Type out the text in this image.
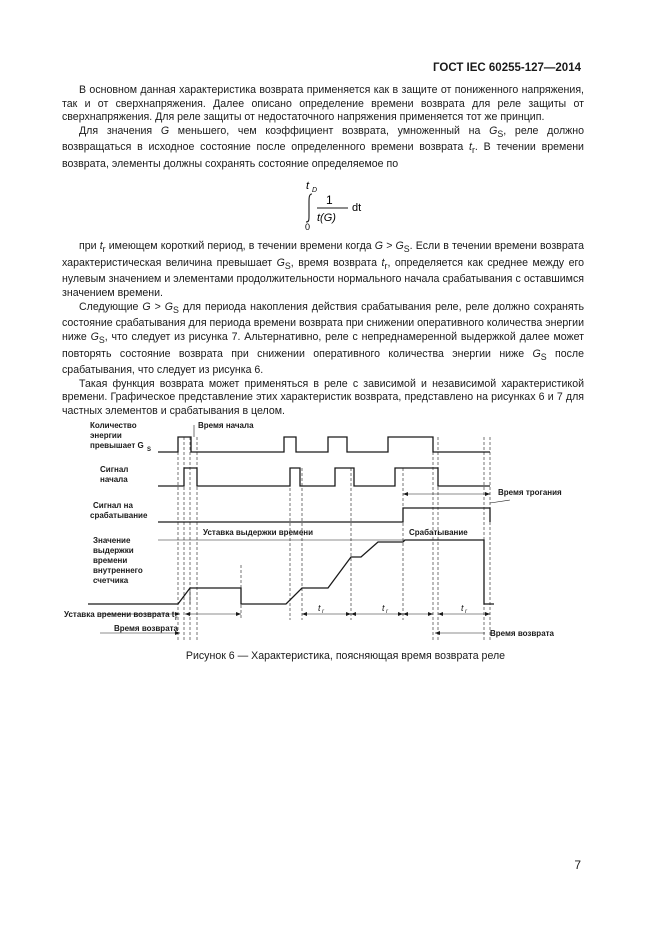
ГОСТ IEC 60255-127—2014

В основном данная характеристика возврата применяется как в защите от пониженного напряжения, так и от сверхнапряжения. Далее описано определение времени возврата для реле защиты от сверхнапряжения. Для реле защиты от недостаточного напряжения применяется тот же принцип.

Для значения G меньшего, чем коэффициент возврата, умноженный на $G_S$, реле должно возвращаться в исходное состояние после определенного времени возврата $t_r$. В течении времени возврата, элементы должны сохранять состояние определяемое по

t D
0
1
t(G)
dt

при $t_r$ имеющем короткий период, в течении времени когда $G > G_S$. Если в течении времени возврата характеристическая величина превышает $G_S$, время возврата $t_r$, определяется как среднее между его нулевым значением и элементами продолжительности нормального начала срабатывания с оставшимся значением времени.

Следующие $G > G_S$ для периода накопления действия срабатывания реле, реле должно сохранять состояние срабатывания для периода времени возврата при снижении оперативного количества энергии ниже $G_S$, что следует из рисунка 7. Альтернативно, реле с непреднамеренной выдержкой далее может повторять состояние возврата при снижении оперативного количества энергии ниже $G_S$ после срабатывания, что следует из рисунка 6.

Такая функция возврата может применяться в реле с зависимой и независимой характеристикой времени. Графическое представление этих характеристик возврата, представлено на рисунках 6 и 7 для частных элементов и срабатывания в целом.

Количество
энергии
превышает G S
Сигнал
начала
Сигнал на
срабатывание
Значение
выдержки
времени
внутреннего
счетчика
Время начала
Время трогания
Уставка выдержки времени	Срабатывание
Уставка времени возврата t r
Время возврата
Время возврата
t r	t r	t r
Рисунок 6 — Характеристика, поясняющая время возврата реле
7
